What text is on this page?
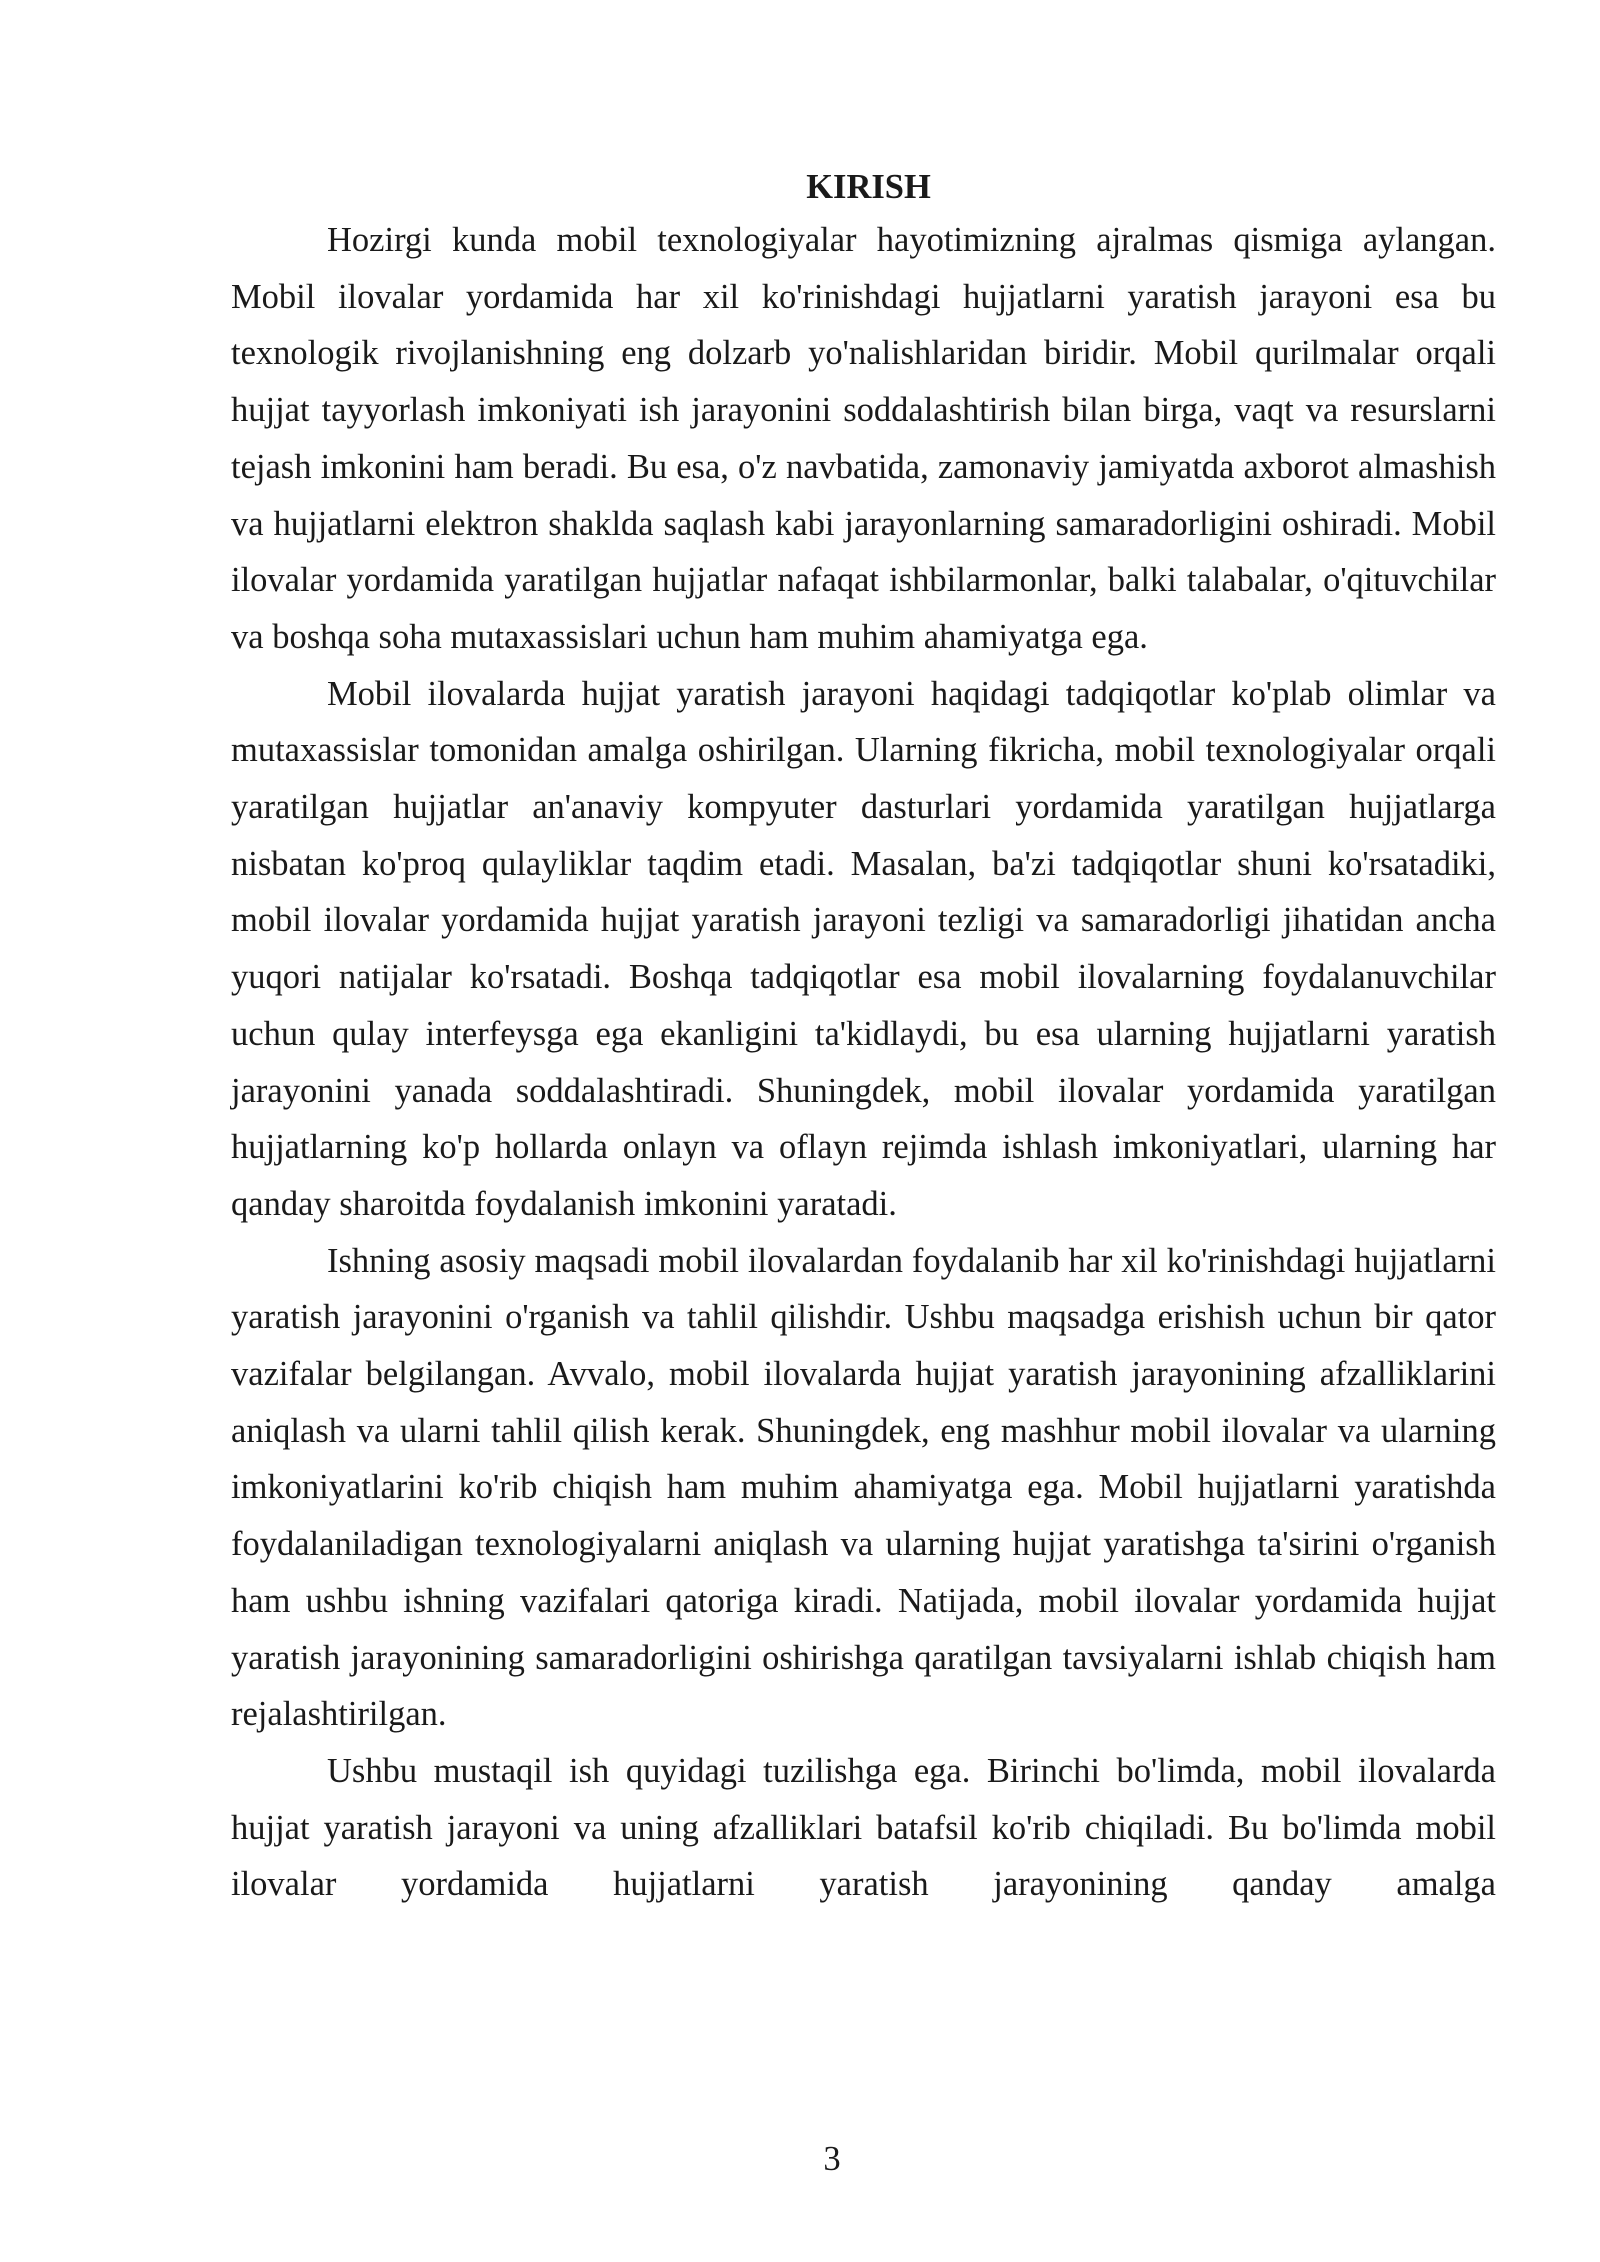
KIRISH

Hozirgi kunda mobil texnologiyalar hayotimizning ajralmas qismiga aylangan. Mobil ilovalar yordamida har xil ko'rinishdagi hujjatlarni yaratish jarayoni esa bu texnologik rivojlanishning eng dolzarb yo'nalishlaridan biridir. Mobil qurilmalar orqali hujjat tayyorlash imkoniyati ish jarayonini soddalashtirish bilan birga, vaqt va resurslarni tejash imkonini ham beradi. Bu esa, o'z navbatida, zamonaviy jamiyatda axborot almashish va hujjatlarni elektron shaklda saqlash kabi jarayonlarning samaradorligini oshiradi. Mobil ilovalar yordamida yaratilgan hujjatlar nafaqat ishbilarmonlar, balki talabalar, o'qituvchilar va boshqa soha mutaxassislari uchun ham muhim ahamiyatga ega.

Mobil ilovalarda hujjat yaratish jarayoni haqidagi tadqiqotlar ko'plab olimlar va mutaxassislar tomonidan amalga oshirilgan. Ularning fikricha, mobil texnologiyalar orqali yaratilgan hujjatlar an'anaviy kompyuter dasturlari yordamida yaratilgan hujjatlarga nisbatan ko'proq qulayliklar taqdim etadi. Masalan, ba'zi tadqiqotlar shuni ko'rsatadiki, mobil ilovalar yordamida hujjat yaratish jarayoni tezligi va samaradorligi jihatidan ancha yuqori natijalar ko'rsatadi. Boshqa tadqiqotlar esa mobil ilovalarning foydalanuvchilar uchun qulay interfeysga ega ekanligini ta'kidlaydi, bu esa ularning hujjatlarni yaratish jarayonini yanada soddalashtiradi. Shuningdek, mobil ilovalar yordamida yaratilgan hujjatlarning ko'p hollarda onlayn va oflayn rejimda ishlash imkoniyatlari, ularning har qanday sharoitda foydalanish imkonini yaratadi.

Ishning asosiy maqsadi mobil ilovalardan foydalanib har xil ko'rinishdagi hujjatlarni yaratish jarayonini o'rganish va tahlil qilishdir. Ushbu maqsadga erishish uchun bir qator vazifalar belgilangan. Avvalo, mobil ilovalarda hujjat yaratish jarayonining afzalliklarini aniqlash va ularni tahlil qilish kerak. Shuningdek, eng mashhur mobil ilovalar va ularning imkoniyatlarini ko'rib chiqish ham muhim ahamiyatga ega. Mobil hujjatlarni yaratishda foydalaniladigan texnologiyalarni aniqlash va ularning hujjat yaratishga ta'sirini o'rganish ham ushbu ishning vazifalari qatoriga kiradi. Natijada, mobil ilovalar yordamida hujjat yaratish jarayonining samaradorligini oshirishga qaratilgan tavsiyalarni ishlab chiqish ham rejalashtirilgan.

Ushbu mustaqil ish quyidagi tuzilishga ega. Birinchi bo'limda, mobil ilovalarda hujjat yaratish jarayoni va uning afzalliklari batafsil ko'rib chiqiladi. Bu bo'limda mobil ilovalar yordamida hujjatlarni yaratish jarayonining qanday amalga

3
